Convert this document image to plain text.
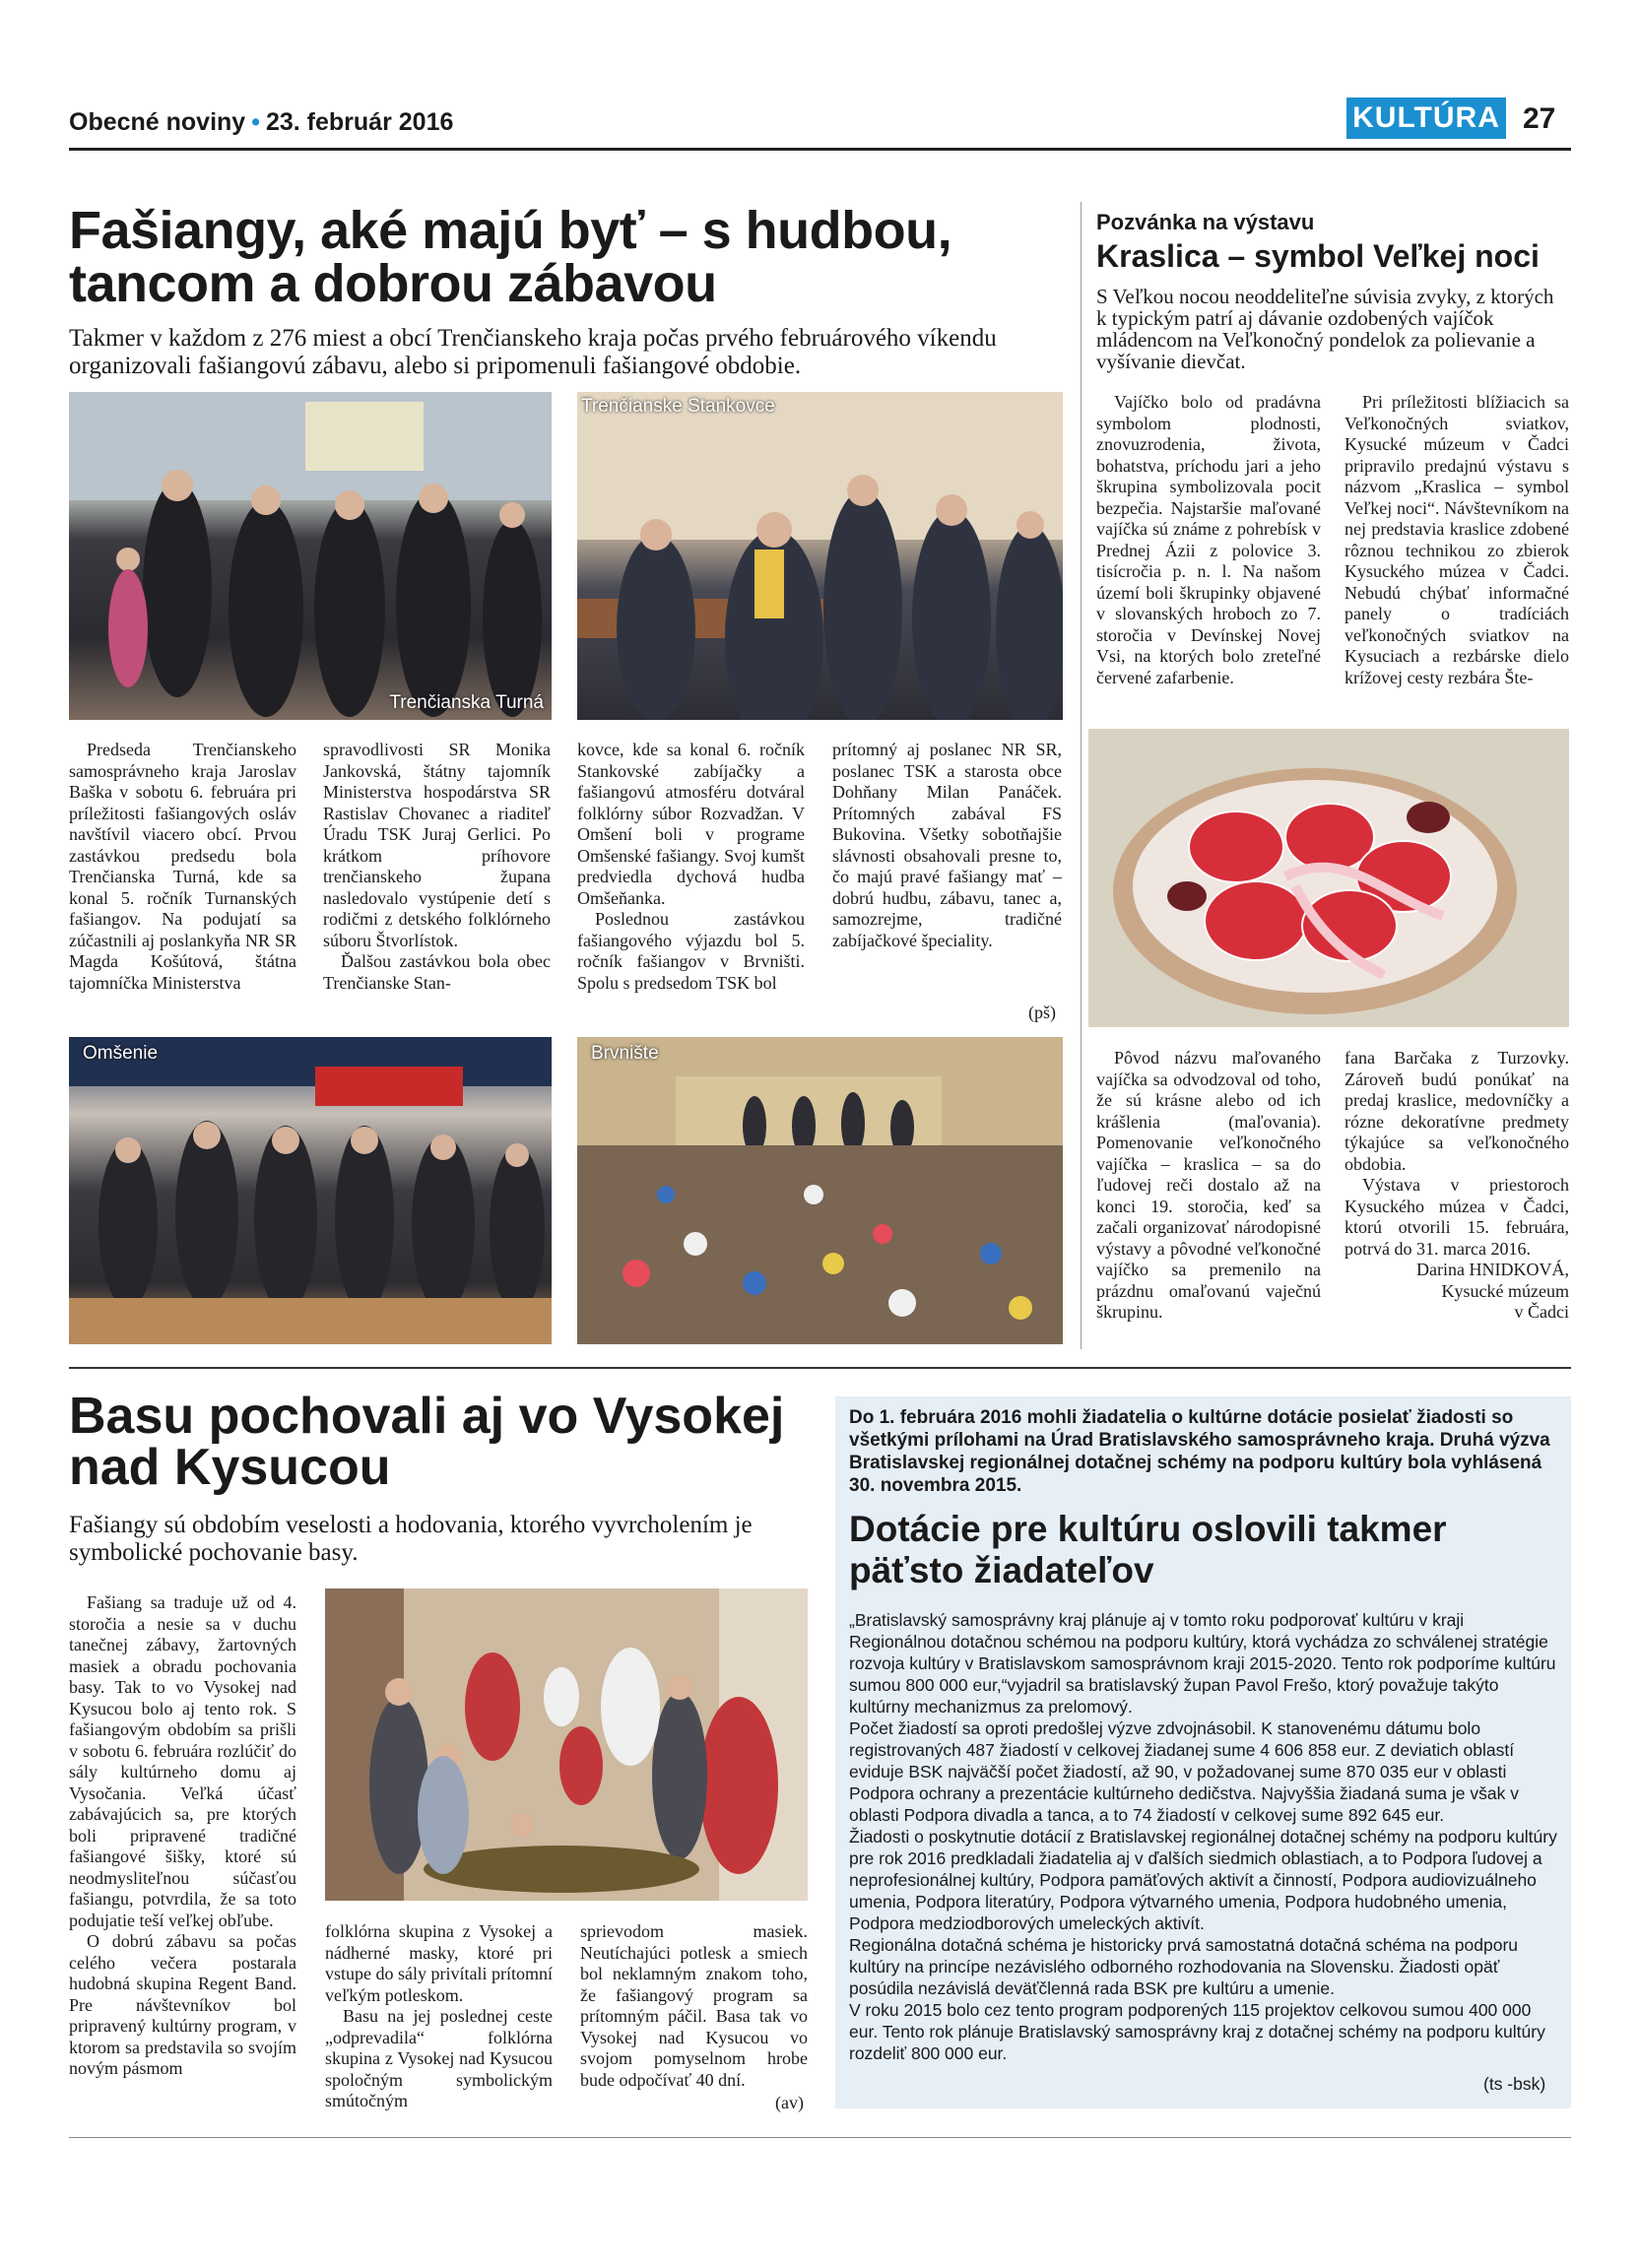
Obecné noviny • 23. február 2016	KULTÚRA 27
Fašiangy, aké majú byť – s hudbou, tancom a dobrou zábavou
Takmer v každom z 276 miest a obcí Trenčianskeho kraja počas prvého februárového víkendu organizovali fašiangovú zábavu, alebo si pripomenuli fašiangové obdobie.
Trenčianska Turná
Trenčianske Stankovce

Predseda Trenčianskeho samosprávneho kraja Jaroslav Baška v sobotu 6. februára pri príležitosti fašiangových osláv navštívil viacero obcí. Prvou zastávkou predsedu bola Trenčianska Turná, kde sa konal 5. ročník Turnanských fašiangov. Na podujatí sa zúčastnili aj poslankyňa NR SR Magda Košútová, štátna tajomníčka Ministerstva

spravodlivosti SR Monika Jankovská, štátny tajomník Ministerstva hospodárstva SR Rastislav Chovanec a riaditeľ Úradu TSK Juraj Gerlici. Po krátkom príhovore trenčianskeho župana nasledovalo vystúpenie detí s rodičmi z detského folklórneho súboru Štvorlístok.

Ďalšou zastávkou bola obec Trenčianske Stan-

kovce, kde sa konal 6. ročník Stankovské zabíjačky a fašiangovú atmosféru dotváral folklórny súbor Rozvadžan. V Omšení boli v programe Omšenské fašiangy. Svoj kumšt predviedla dychová hudba Omšeňanka.

Poslednou zastávkou fašiangového výjazdu bol 5. ročník fašiangov v Brvništi. Spolu s predsedom TSK bol

prítomný aj poslanec NR SR, poslanec TSK a starosta obce Dohňany Milan Panáček. Prítomných zabával FS Bukovina. Všetky sobotňajšie slávnosti obsahovali presne to, čo majú pravé fašiangy mať – dobrú hudbu, zábavu, tanec a, samozrejme, tradičné zabíjačkové špeciality.

(pš)
Omšenie	Brvnište
Pozvánka na výstavu
Kraslica – symbol Veľkej noci
S Veľkou nocou neoddeliteľne súvisia zvyky, z ktorých k typickým patrí aj dávanie ozdobených vajíčok mládencom na Veľkonočný pondelok za polievanie a vyšívanie dievčat.

Vajíčko bolo od pradávna symbolom plodnosti, znovuzrodenia, života, bohatstva, príchodu jari a jeho škrupina symbolizovala pocit bezpečia. Najstaršie maľované vajíčka sú známe z pohrebísk v Prednej Ázii z polovice 3. tisícročia p. n. l. Na našom území boli škrupinky objavené v slovanských hroboch zo 7. storočia v Devínskej Novej Vsi, na ktorých bolo zreteľné červené zafarbenie.

Pri príležitosti blížiacich sa Veľkonočných sviatkov, Kysucké múzeum v Čadci pripravilo predajnú výstavu s názvom „Kraslica – symbol Veľkej noci“. Návštevníkom na nej predstavia kraslice zdobené rôznou technikou zo zbierok Kysuckého múzea v Čadci. Nebudú chýbať informačné panely o tradíciách veľkonočných sviatkov na Kysuciach a rezbárske dielo krížovej cesty rezbára Šte-

Pôvod názvu maľovaného vajíčka sa odvodzoval od toho, že sú krásne alebo od ich krášlenia (maľovania). Pomenovanie veľkonočného vajíčka – kraslica – sa do ľudovej reči dostalo až na konci 19. storočia, keď sa začali organizovať národopisné výstavy a pôvodné veľkonočné vajíčko sa premenilo na prázdnu omaľovanú vaječnú škrupinu.

fana Barčaka z Turzovky. Zároveň budú ponúkať na predaj kraslice, medovníčky a rózne dekoratívne predmety týkajúce sa veľkonočného obdobia.

Výstava v priestoroch Kysuckého múzea v Čadci, ktorú otvorili 15. februára, potrvá do 31. marca 2016.

Darina HNIDKOVÁ,
Kysucké múzeum
v Čadci
Basu pochovali aj vo Vysokej nad Kysucou
Fašiangy sú obdobím veselosti a hodovania, ktorého vyvrcholením je symbolické pochovanie basy.

Fašiang sa traduje už od 4. storočia a nesie sa v duchu tanečnej zábavy, žartovných masiek a obradu pochovania basy. Tak to vo Vysokej nad Kysucou bolo aj tento rok. S fašiangovým obdobím sa prišli v sobotu 6. februára rozlúčiť do sály kultúrneho domu aj Vysočania. Veľká účasť zabávajúcich sa, pre ktorých boli pripravené tradičné fašiangové šišky, ktoré sú neodmysliteľnou súčasťou fašiangu, potvrdila, že sa toto podujatie teší veľkej obľube.

O dobrú zábavu sa počas celého večera postarala hudobná skupina Regent Band. Pre návštevníkov bol pripravený kultúrny program, v ktorom sa predstavila so svojím novým pásmom

folklórna skupina z Vysokej a nádherné masky, ktoré pri vstupe do sály privítali prítomní veľkým potleskom.

Basu na jej poslednej ceste „odprevadila“ folklórna skupina z Vysokej nad Kysucou spoločným symbolickým smútočným

sprievodom masiek. Neutíchajúci potlesk a smiech bol neklamným znakom toho, že fašiangový program sa prítomným páčil. Basa tak vo Vysokej nad Kysucou vo svojom pomyselnom hrobe bude odpočívať 40 dní.

(av)
Do 1. februára 2016 mohli žiadatelia o kultúrne dotácie posielať žiadosti so všetkými prílohami na Úrad Bratislavského samosprávneho kraja. Druhá výzva Bratislavskej regionálnej dotačnej schémy na podporu kultúry bola vyhlásená 30. novembra 2015.
Dotácie pre kultúru oslovili takmer päťsto žiadateľov
„Bratislavský samosprávny kraj plánuje aj v tomto roku podporovať kultúru v kraji Regionálnou dotačnou schémou na podporu kultúry, ktorá vychádza zo schválenej stratégie rozvoja kultúry v Bratislavskom samosprávnom kraji 2015-2020. Tento rok podporíme kultúru sumou 800 000 eur,“vyjadril sa bratislavský župan Pavol Frešo, ktorý považuje takýto kultúrny mechanizmus za prelomový.
Počet žiadostí sa oproti predošlej výzve zdvojnásobil. K stanovenému dátumu bolo registrovaných 487 žiadostí v celkovej žiadanej sume 4 606 858 eur. Z deviatich oblastí eviduje BSK najväčší počet žiadostí, až 90, v požadovanej sume 870 035 eur v oblasti Podpora ochrany a prezentácie kultúrneho dedičstva. Najvyššia žiadaná suma je však v oblasti Podpora divadla a tanca, a to 74 žiadostí v celkovej sume 892 645 eur.
Žiadosti o poskytnutie dotácií z Bratislavskej regionálnej dotačnej schémy na podporu kultúry pre rok 2016 predkladali žiadatelia aj v ďalších siedmich oblastiach, a to Podpora ľudovej a neprofesionálnej kultúry, Podpora pamäťových aktivít a činností, Podpora audiovizuálneho umenia, Podpora literatúry, Podpora výtvarného umenia, Podpora hudobného umenia, Podpora medziodborových umeleckých aktivít.
Regionálna dotačná schéma je historicky prvá samostatná dotačná schéma na podporu kultúry na princípe nezávislého odborného rozhodovania na Slovensku. Žiadosti opäť posúdila nezávislá deväťčlenná rada BSK pre kultúru a umenie.
V roku 2015 bolo cez tento program podporených 115 projektov celkovou sumou 400 000 eur. Tento rok plánuje Bratislavský samosprávny kraj z dotačnej schémy na podporu kultúry rozdeliť 800 000 eur.
(ts -bsk)
